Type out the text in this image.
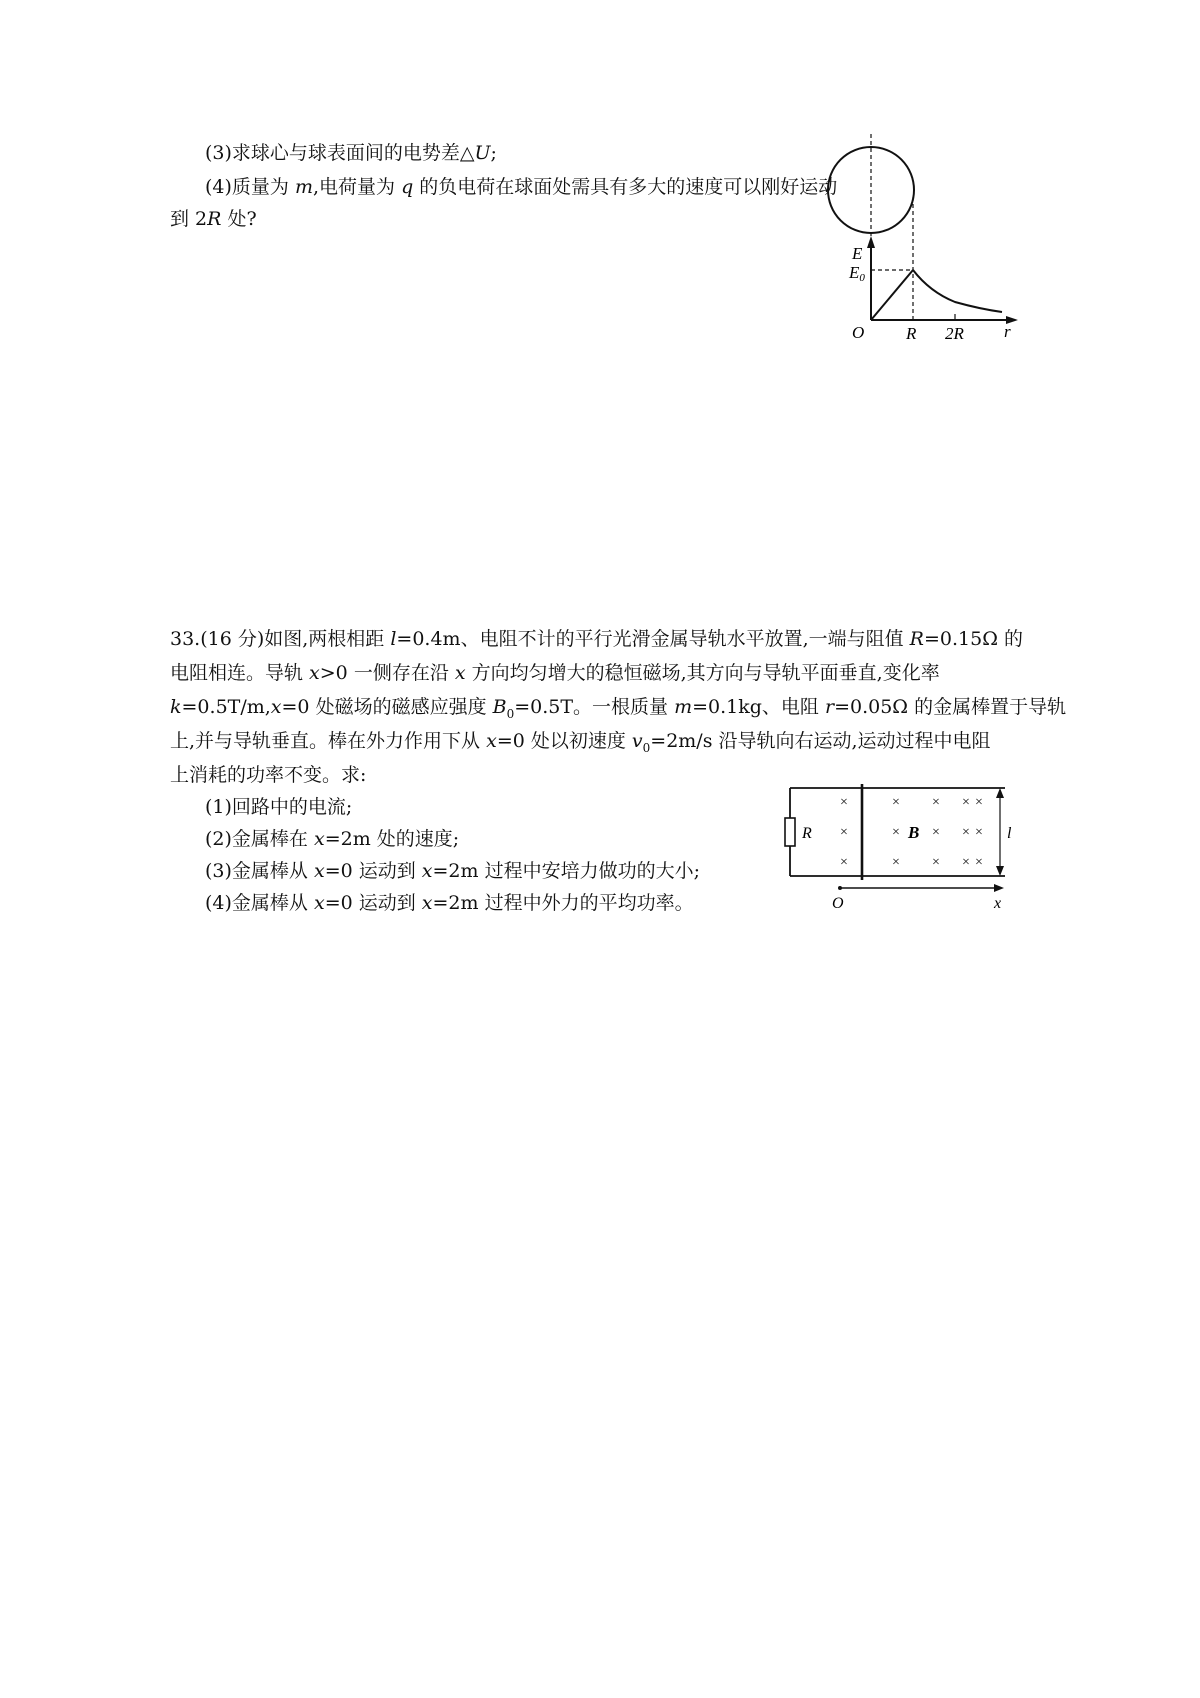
(3)求球心与球表面间的电势差△U;
(4)质量为 m,电荷量为 q 的负电荷在球面处需具有多大的速度可以刚好运动
到 2R 处?
E
E0
O R 2R r
33.(16 分)如图,两根相距 l=0.4m、电阻不计的平行光滑金属导轨水平放置,一端与阻值 R=0.15Ω 的
电阻相连。导轨 x>0 一侧存在沿 x 方向均匀增大的稳恒磁场,其方向与导轨平面垂直,变化率
k=0.5T/m,x=0 处磁场的磁感应强度 $B_0=0.5T$。一根质量 m=0.1kg、电阻 r=0.05Ω 的金属棒置于导轨
上,并与导轨垂直。棒在外力作用下从 x=0 处以初速度 $v_0=2m/s$ 沿导轨向右运动,运动过程中电阻
上消耗的功率不变。求:
(1)回路中的电流;
(2)金属棒在 x=2m 处的速度;
(3)金属棒从 x=0 运动到 x=2m 过程中安培力做功的大小;
(4)金属棒从 x=0 运动到 x=2m 过程中外力的平均功率。
R
×
×
×
×
×
×
×
×
×
× ×
× ×
× ×
B	l
O	x
